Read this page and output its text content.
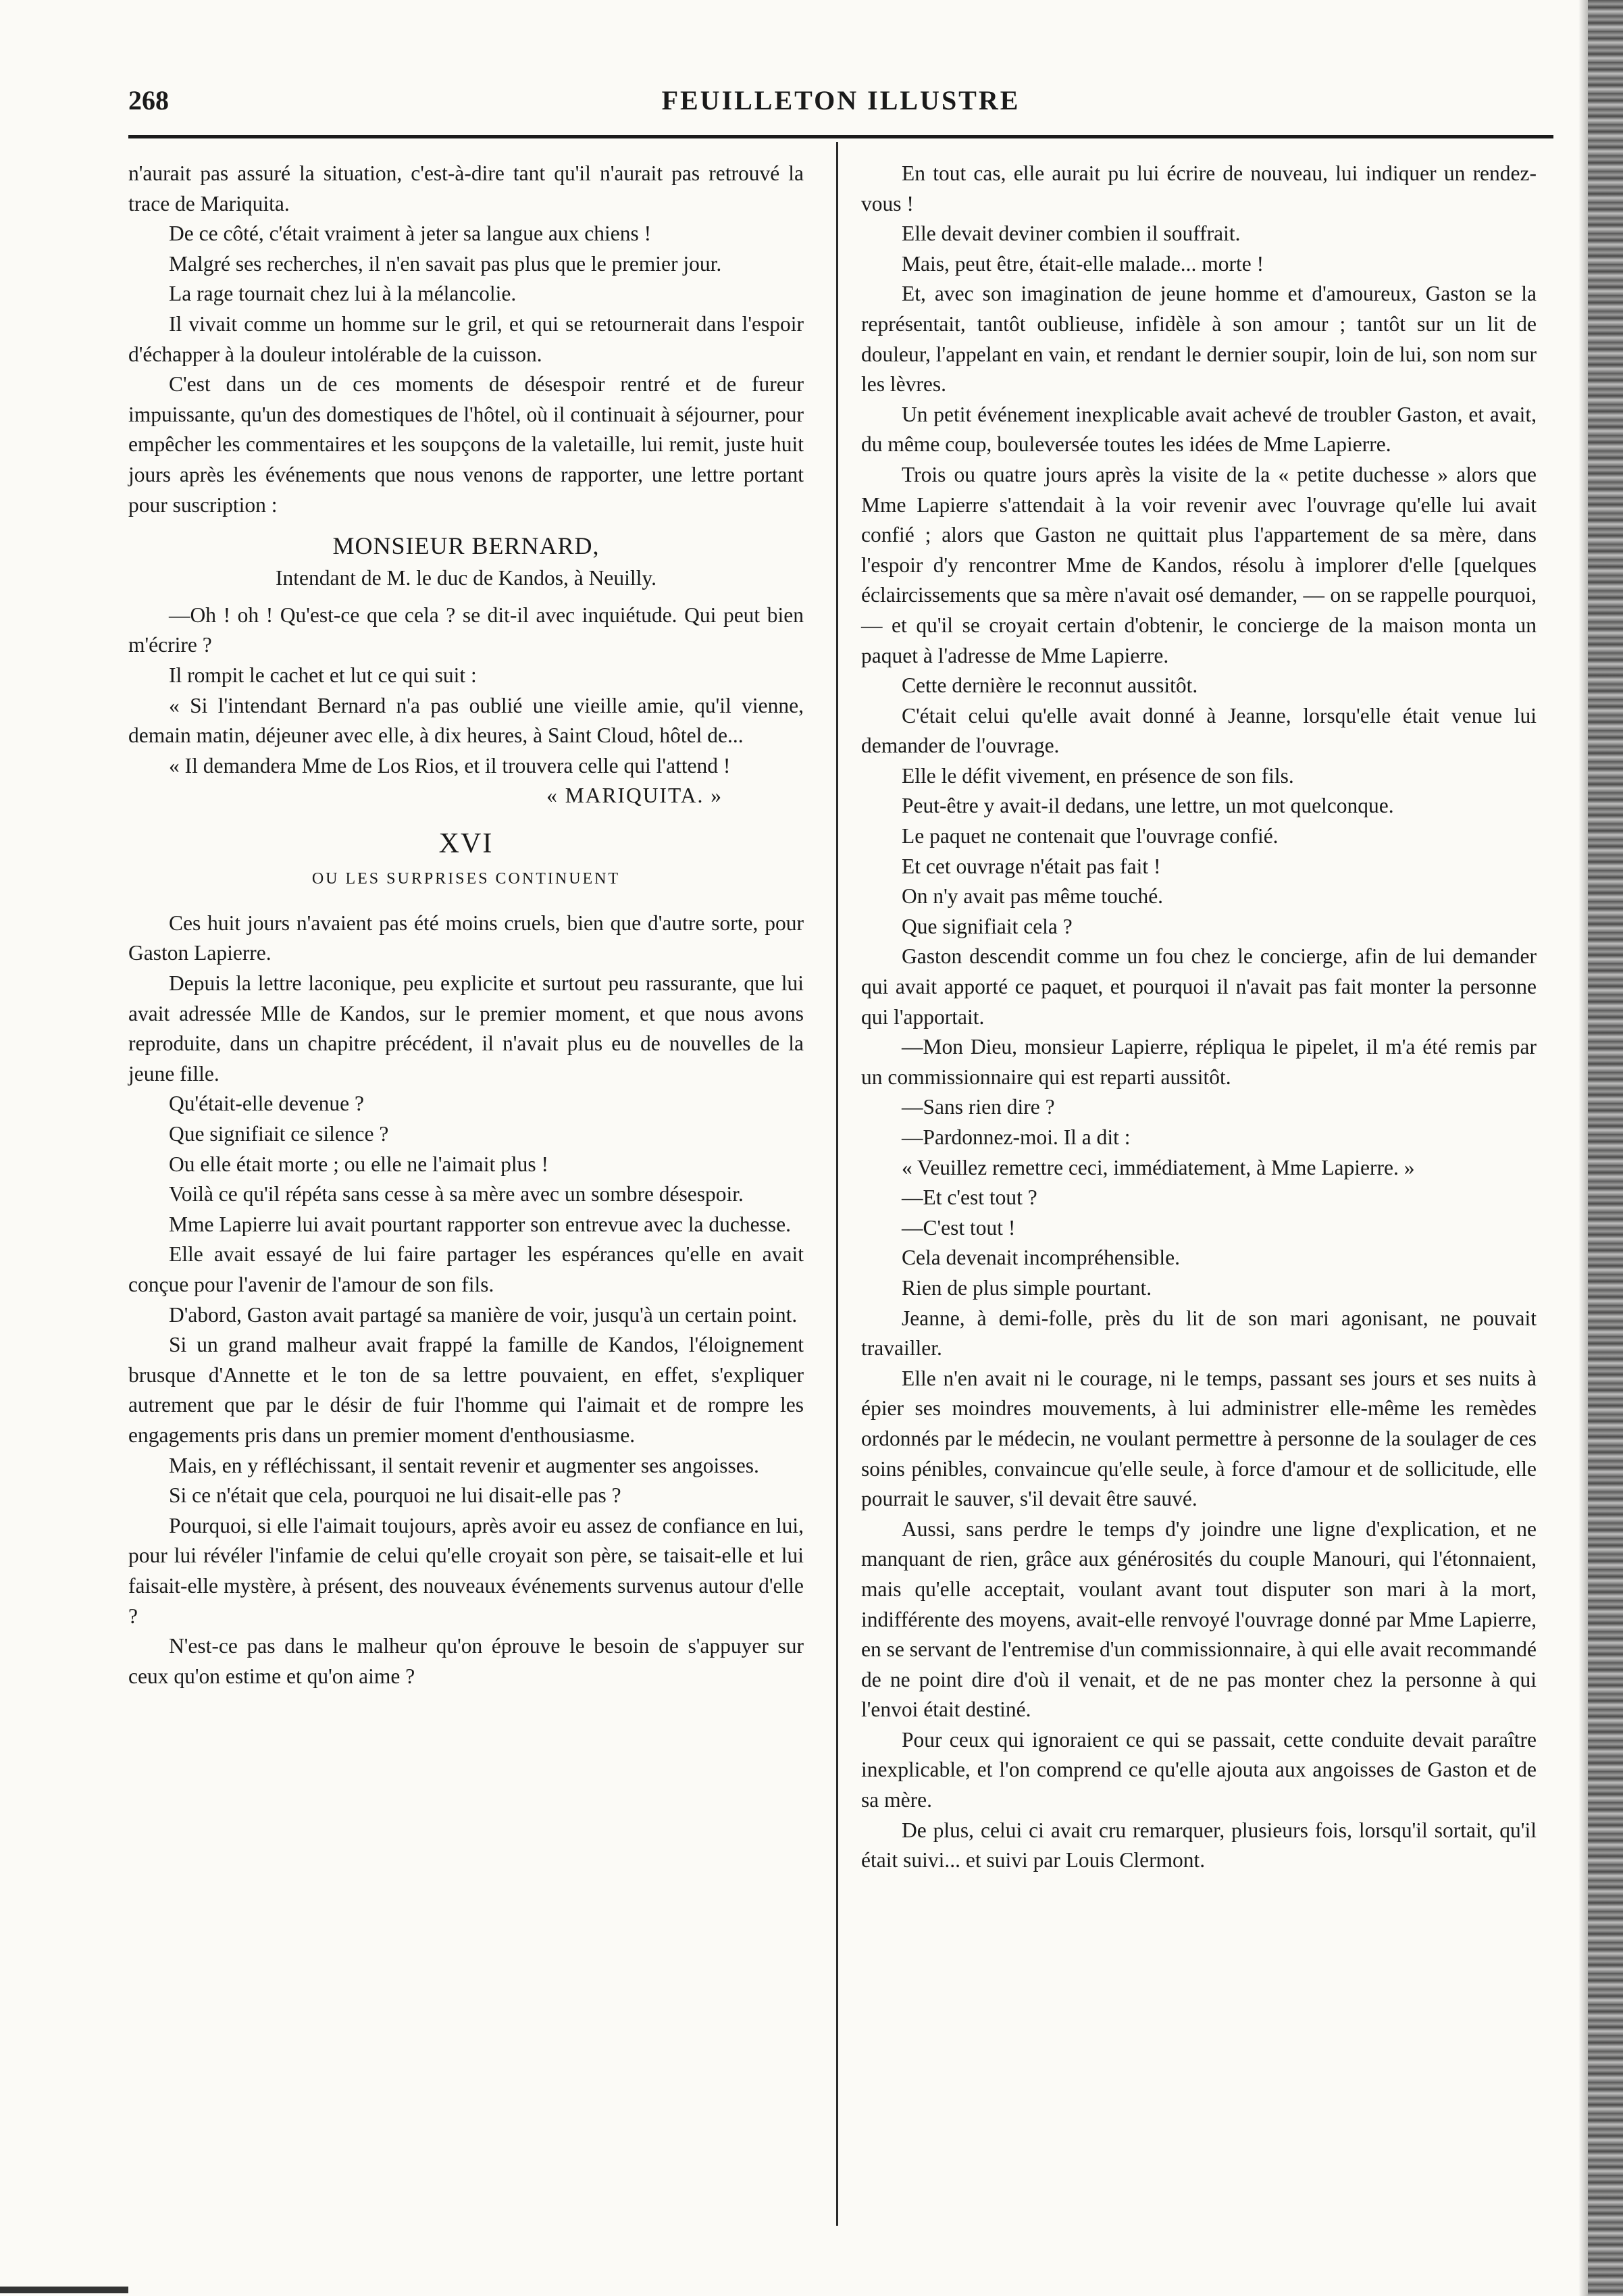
268	FEUILLETON ILLUSTRE

n'aurait pas assuré la situation, c'est-à-dire tant qu'il n'aurait pas retrouvé la trace de Mariquita.

De ce côté, c'était vraiment à jeter sa langue aux chiens !

Malgré ses recherches, il n'en savait pas plus que le premier jour.

La rage tournait chez lui à la mélancolie.

Il vivait comme un homme sur le gril, et qui se retournerait dans l'espoir d'échapper à la douleur intolérable de la cuisson.

C'est dans un de ces moments de désespoir rentré et de fureur impuissante, qu'un des domestiques de l'hôtel, où il continuait à séjourner, pour empêcher les commentaires et les soupçons de la valetaille, lui remit, juste huit jours après les événements que nous venons de rapporter, une lettre portant pour suscription :

MONSIEUR BERNARD,

Intendant de M. le duc de Kandos, à Neuilly.

—Oh ! oh ! Qu'est-ce que cela ? se dit-il avec inquiétude. Qui peut bien m'écrire ?

Il rompit le cachet et lut ce qui suit :

« Si l'intendant Bernard n'a pas oublié une vieille amie, qu'il vienne, demain matin, déjeuner avec elle, à dix heures, à Saint Cloud, hôtel de...

« Il demandera Mme de Los Rios, et il trouvera celle qui l'attend !

« MARIQUITA. »

XVI

OU LES SURPRISES CONTINUENT

Ces huit jours n'avaient pas été moins cruels, bien que d'autre sorte, pour Gaston Lapierre.

Depuis la lettre laconique, peu explicite et surtout peu rassurante, que lui avait adressée Mlle de Kandos, sur le premier moment, et que nous avons reproduite, dans un chapitre précédent, il n'avait plus eu de nouvelles de la jeune fille.

Qu'était-elle devenue ?

Que signifiait ce silence ?

Ou elle était morte ; ou elle ne l'aimait plus !

Voilà ce qu'il répéta sans cesse à sa mère avec un sombre désespoir.

Mme Lapierre lui avait pourtant rapporter son entrevue avec la duchesse.

Elle avait essayé de lui faire partager les espérances qu'elle en avait conçue pour l'avenir de l'amour de son fils.

D'abord, Gaston avait partagé sa manière de voir, jusqu'à un certain point.

Si un grand malheur avait frappé la famille de Kandos, l'éloignement brusque d'Annette et le ton de sa lettre pouvaient, en effet, s'expliquer autrement que par le désir de fuir l'homme qui l'aimait et de rompre les engagements pris dans un premier moment d'enthousiasme.

Mais, en y réfléchissant, il sentait revenir et augmenter ses angoisses.

Si ce n'était que cela, pourquoi ne lui disait-elle pas ?

Pourquoi, si elle l'aimait toujours, après avoir eu assez de confiance en lui, pour lui révéler l'infamie de celui qu'elle croyait son père, se taisait-elle et lui faisait-elle mystère, à présent, des nouveaux événements survenus autour d'elle ?

N'est-ce pas dans le malheur qu'on éprouve le besoin de s'appuyer sur ceux qu'on estime et qu'on aime ?

En tout cas, elle aurait pu lui écrire de nouveau, lui indiquer un rendez-vous !

Elle devait deviner combien il souffrait.

Mais, peut être, était-elle malade... morte !

Et, avec son imagination de jeune homme et d'amoureux, Gaston se la représentait, tantôt oublieuse, infidèle à son amour ; tantôt sur un lit de douleur, l'appelant en vain, et rendant le dernier soupir, loin de lui, son nom sur les lèvres.

Un petit événement inexplicable avait achevé de troubler Gaston, et avait, du même coup, bouleversée toutes les idées de Mme Lapierre.

Trois ou quatre jours après la visite de la « petite duchesse » alors que Mme Lapierre s'attendait à la voir revenir avec l'ouvrage qu'elle lui avait confié ; alors que Gaston ne quittait plus l'appartement de sa mère, dans l'espoir d'y rencontrer Mme de Kandos, résolu à implorer d'elle [quelques éclaircissements que sa mère n'avait osé demander, — on se rappelle pourquoi, — et qu'il se croyait certain d'obtenir, le concierge de la maison monta un paquet à l'adresse de Mme Lapierre.

Cette dernière le reconnut aussitôt.

C'était celui qu'elle avait donné à Jeanne, lorsqu'elle était venue lui demander de l'ouvrage.

Elle le défit vivement, en présence de son fils.

Peut-être y avait-il dedans, une lettre, un mot quelconque.

Le paquet ne contenait que l'ouvrage confié.

Et cet ouvrage n'était pas fait !

On n'y avait pas même touché.

Que signifiait cela ?

Gaston descendit comme un fou chez le concierge, afin de lui demander qui avait apporté ce paquet, et pourquoi il n'avait pas fait monter la personne qui l'apportait.

—Mon Dieu, monsieur Lapierre, répliqua le pipelet, il m'a été remis par un commissionnaire qui est reparti aussitôt.

—Sans rien dire ?

—Pardonnez-moi. Il a dit :

« Veuillez remettre ceci, immédiatement, à Mme Lapierre. »

—Et c'est tout ?

—C'est tout !

Cela devenait incompréhensible.

Rien de plus simple pourtant.

Jeanne, à demi-folle, près du lit de son mari agonisant, ne pouvait travailler.

Elle n'en avait ni le courage, ni le temps, passant ses jours et ses nuits à épier ses moindres mouvements, à lui administrer elle-même les remèdes ordonnés par le médecin, ne voulant permettre à personne de la soulager de ces soins pénibles, convaincue qu'elle seule, à force d'amour et de sollicitude, elle pourrait le sauver, s'il devait être sauvé.

Aussi, sans perdre le temps d'y joindre une ligne d'explication, et ne manquant de rien, grâce aux générosités du couple Manouri, qui l'étonnaient, mais qu'elle acceptait, voulant avant tout disputer son mari à la mort, indifférente des moyens, avait-elle renvoyé l'ouvrage donné par Mme Lapierre, en se servant de l'entremise d'un commissionnaire, à qui elle avait recommandé de ne point dire d'où il venait, et de ne pas monter chez la personne à qui l'envoi était destiné.

Pour ceux qui ignoraient ce qui se passait, cette conduite devait paraître inexplicable, et l'on comprend ce qu'elle ajouta aux angoisses de Gaston et de sa mère.

De plus, celui ci avait cru remarquer, plusieurs fois, lorsqu'il sortait, qu'il était suivi... et suivi par Louis Clermont.
